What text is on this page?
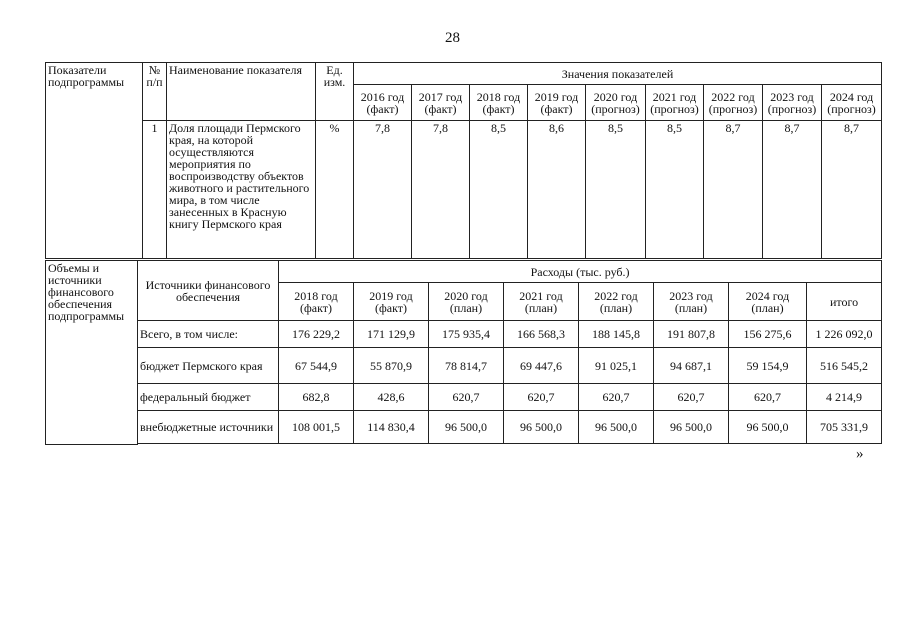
28
Показатели подпрограммы	№ п/п	Наименование показателя	Ед. изм.	Значения показателей								
				2016 год (факт)	2017 год (факт)	2018 год (факт)	2019 год (факт)	2020 год (прогноз)	2021 год (прогноз)	2022 год (прогноз)	2023 год (прогноз)	2024 год (прогноз)
	1	Доля площади Пермского края, на которой осуществляются мероприятия по воспроизводству объектов животного и растительного мира, в том числе занесенных в Красную книгу Пермского края	%	7,8	7,8	8,5	8,6	8,5	8,5	8,7	8,7	8,7
Объемы и источники финансового обеспечения подпрограммы	Источники финансового обеспечения	Расходы (тыс. руб.)							
		2018 год (факт)	2019 год (факт)	2020 год (план)	2021 год (план)	2022 год (план)	2023 год (план)	2024 год (план)	итого
	Всего, в том числе:	176 229,2	171 129,9	175 935,4	166 568,3	188 145,8	191 807,8	156 275,6	1 226 092,0
	бюджет Пермского края	67 544,9	55 870,9	78 814,7	69 447,6	91 025,1	94 687,1	59 154,9	516 545,2
	федеральный бюджет	682,8	428,6	620,7	620,7	620,7	620,7	620,7	4 214,9
	внебюджетные источники	108 001,5	114 830,4	96 500,0	96 500,0	96 500,0	96 500,0	96 500,0	705 331,9

»
